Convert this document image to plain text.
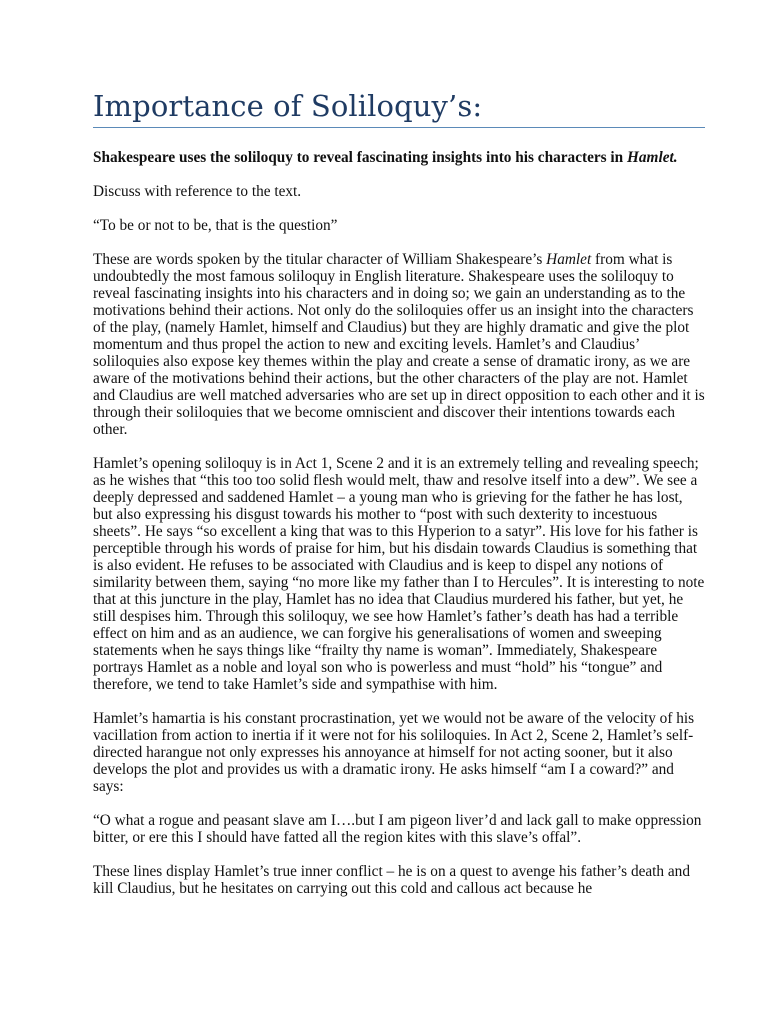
Importance of Soliloquy’s:

Shakespeare uses the soliloquy to reveal fascinating insights into his characters in Hamlet.

Discuss with reference to the text.

“To be or not to be, that is the question”

These are words spoken by the titular character of William Shakespeare’s Hamlet from what is undoubtedly the most famous soliloquy in English literature. Shakespeare uses the soliloquy to reveal fascinating insights into his characters and in doing so; we gain an understanding as to the motivations behind their actions. Not only do the soliloquies offer us an insight into the characters of the play, (namely Hamlet, himself and Claudius) but they are highly dramatic and give the plot momentum and thus propel the action to new and exciting levels. Hamlet’s and Claudius’ soliloquies also expose key themes within the play and create a sense of dramatic irony, as we are aware of the motivations behind their actions, but the other characters of the play are not. Hamlet and Claudius are well matched adversaries who are set up in direct opposition to each other and it is through their soliloquies that we become omniscient and discover their intentions towards each other.

Hamlet’s opening soliloquy is in Act 1, Scene 2 and it is an extremely telling and revealing speech; as he wishes that “this too too solid flesh would melt, thaw and resolve itself into a dew”. We see a deeply depressed and saddened Hamlet – a young man who is grieving for the father he has lost, but also expressing his disgust towards his mother to “post with such dexterity to incestuous sheets”. He says “so excellent a king that was to this Hyperion to a satyr”. His love for his father is perceptible through his words of praise for him, but his disdain towards Claudius is something that is also evident. He refuses to be associated with Claudius and is keep to dispel any notions of similarity between them, saying “no more like my father than I to Hercules”. It is interesting to note that at this juncture in the play, Hamlet has no idea that Claudius murdered his father, but yet, he still despises him. Through this soliloquy, we see how Hamlet’s father’s death has had a terrible effect on him and as an audience, we can forgive his generalisations of women and sweeping statements when he says things like “frailty thy name is woman”. Immediately, Shakespeare portrays Hamlet as a noble and loyal son who is powerless and must “hold” his “tongue” and therefore, we tend to take Hamlet’s side and sympathise with him.

Hamlet’s hamartia is his constant procrastination, yet we would not be aware of the velocity of his vacillation from action to inertia if it were not for his soliloquies. In Act 2, Scene 2, Hamlet’s self-directed harangue not only expresses his annoyance at himself for not acting sooner, but it also develops the plot and provides us with a dramatic irony. He asks himself “am I a coward?” and says:

“O what a rogue and peasant slave am I….but I am pigeon liver’d and lack gall to make oppression bitter, or ere this I should have fatted all the region kites with this slave’s offal”.

These lines display Hamlet’s true inner conflict – he is on a quest to avenge his father’s death and kill Claudius, but he hesitates on carrying out this cold and callous act because he
